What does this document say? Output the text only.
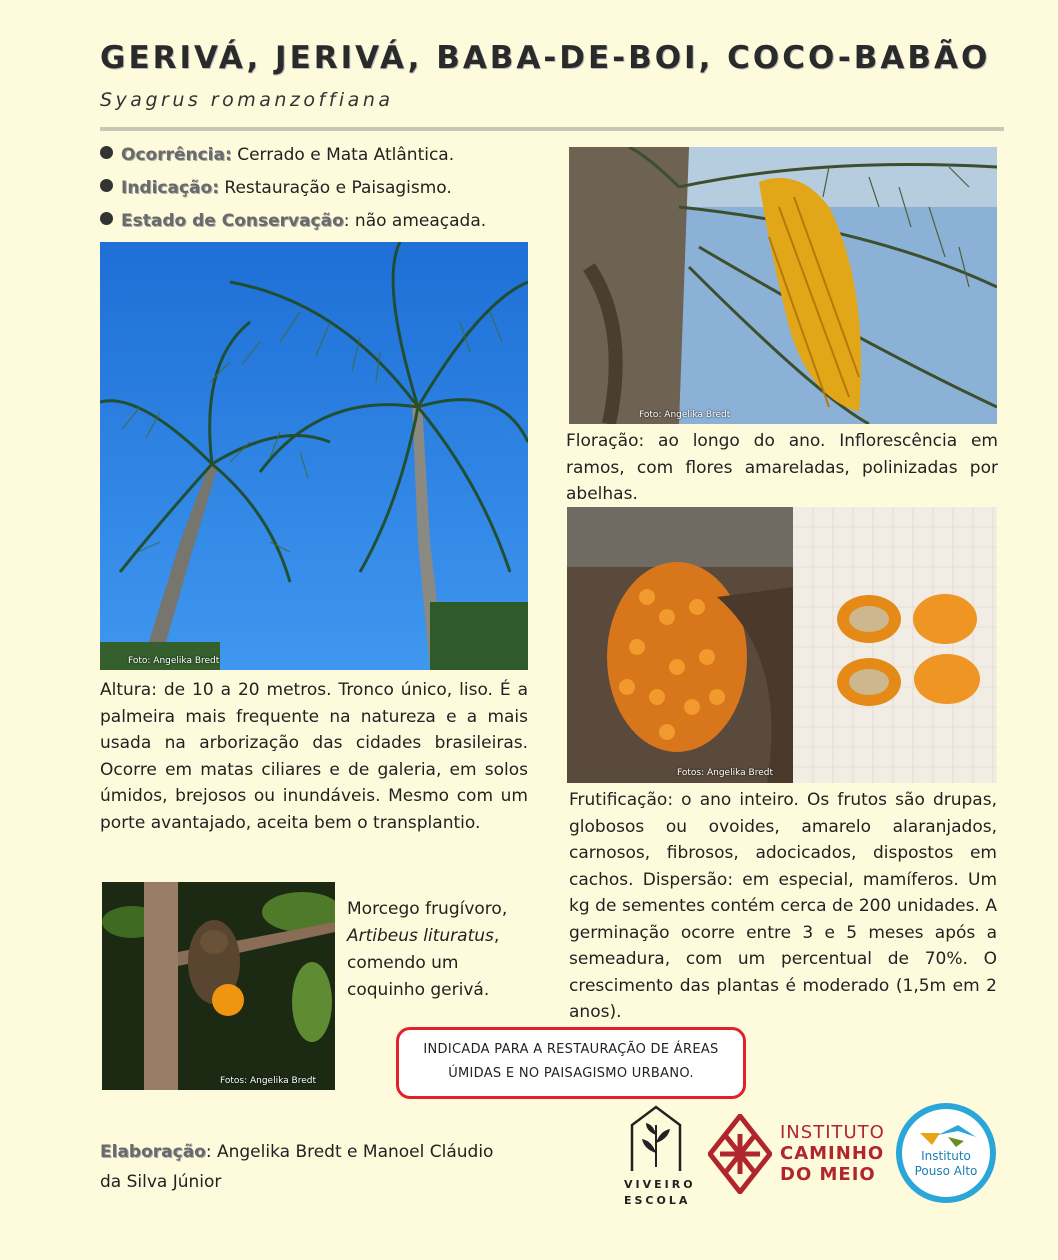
GERIVÁ, JERIVÁ, BABA-DE-BOI, COCO-BABÃO
Syagrus romanzoffiana
Ocorrência: Cerrado e Mata Atlântica.
Indicação: Restauração e Paisagismo.
Estado de Conservação: não ameaçada.
Foto: Angelika Bredt
Altura: de 10 a 20 metros. Tronco único, liso. É a palmeira mais frequente na natureza e a mais usada na arborização das cidades brasileiras. Ocorre em matas ciliares e de galeria, em solos úmidos, brejosos ou inundáveis. Mesmo com um porte avantajado, aceita bem o transplantio.
Fotos: Angelika Bredt
Morcego frugívoro,
Artibeus lituratus,
comendo um
coquinho gerivá.
Foto: Angelika Bredt
Floração: ao longo do ano. Inflorescência em ramos, com flores amareladas, polinizadas por abelhas.
Fotos: Angelika Bredt
Frutificação: o ano inteiro. Os frutos são drupas, globosos ou ovoides, amarelo alaranjados, carnosos, fibrosos, adocicados, dispostos em cachos. Dispersão: em especial, mamíferos. Um kg de sementes contém cerca de 200 unidades. A germinação ocorre entre 3 e 5 meses após a semeadura, com um percentual de 70%. O crescimento das plantas é moderado (1,5m em 2 anos).
INDICADA PARA A RESTAURAÇÃO DE ÁREAS
ÚMIDAS E NO PAISAGISMO URBANO.
Elaboração: Angelika Bredt e Manoel Cláudio da Silva Júnior	VIVEIRO
ESCOLA
INSTITUTO
CAMINHO
DO MEIO
Instituto
Pouso Alto
